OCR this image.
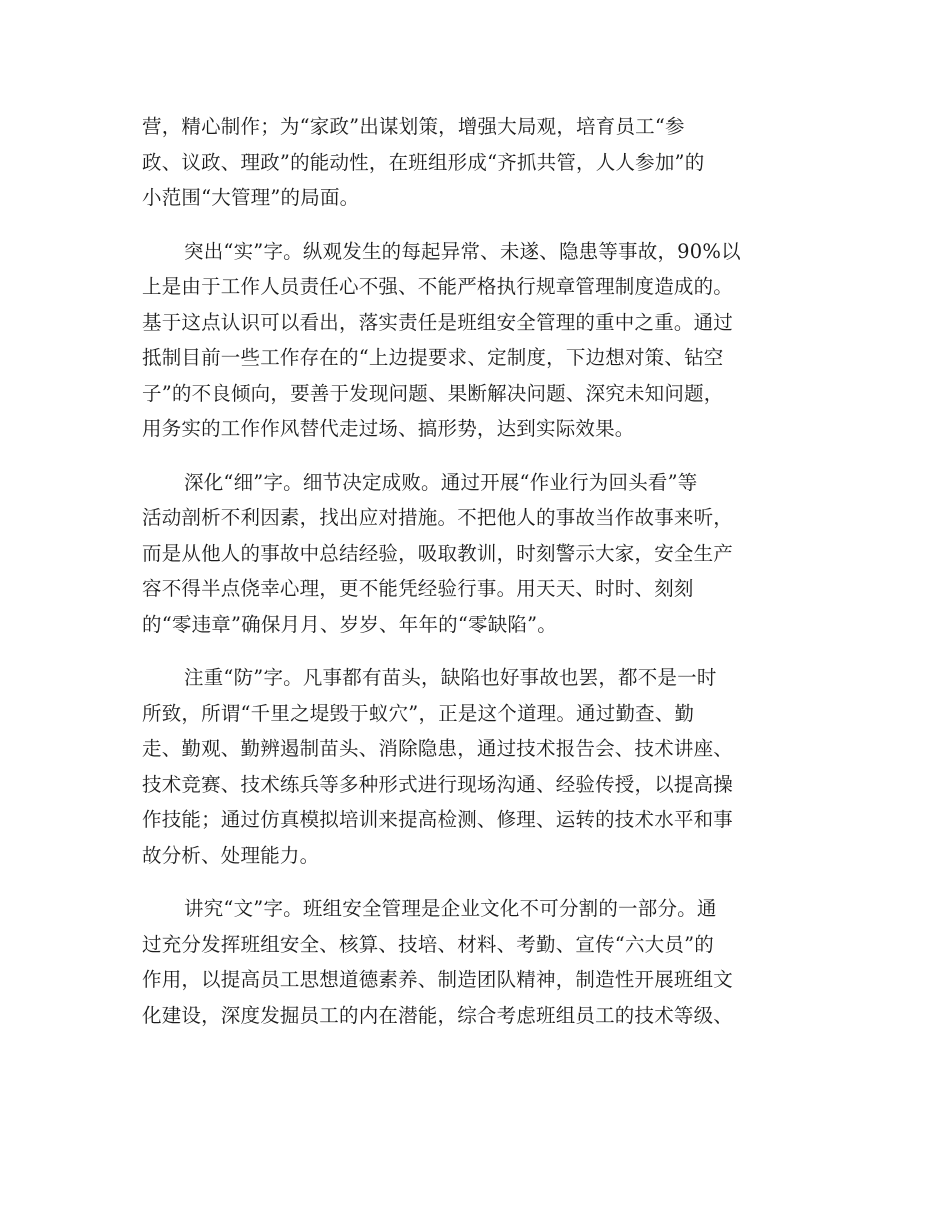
营，精心制作；为“家政”出谋划策，增强大局观，培育员工“参
政、议政、理政”的能动性，在班组形成“齐抓共管，人人参加”的
小范围“大管理”的局面。
突出“实”字。纵观发生的每起异常、未遂、隐患等事故，90%以
上是由于工作人员责任心不强、不能严格执行规章管理制度造成的。
基于这点认识可以看出，落实责任是班组安全管理的重中之重。通过
抵制目前一些工作存在的“上边提要求、定制度，下边想对策、钻空
子”的不良倾向，要善于发现问题、果断解决问题、深究未知问题，
用务实的工作作风替代走过场、搞形势，达到实际效果。
深化“细”字。细节决定成败。通过开展“作业行为回头看”等
活动剖析不利因素，找出应对措施。不把他人的事故当作故事来听，
而是从他人的事故中总结经验，吸取教训，时刻警示大家，安全生产
容不得半点侥幸心理，更不能凭经验行事。用天天、时时、刻刻
的“零违章”确保月月、岁岁、年年的“零缺陷”。
注重“防”字。凡事都有苗头，缺陷也好事故也罢，都不是一时
所致，所谓“千里之堤毁于蚁穴”，正是这个道理。通过勤查、勤
走、勤观、勤辨遏制苗头、消除隐患，通过技术报告会、技术讲座、
技术竞赛、技术练兵等多种形式进行现场沟通、经验传授，以提高操
作技能；通过仿真模拟培训来提高检测、修理、运转的技术水平和事
故分析、处理能力。
讲究“文”字。班组安全管理是企业文化不可分割的一部分。通
过充分发挥班组安全、核算、技培、材料、考勤、宣传“六大员”的
作用，以提高员工思想道德素养、制造团队精神，制造性开展班组文
化建设，深度发掘员工的内在潜能，综合考虑班组员工的技术等级、
